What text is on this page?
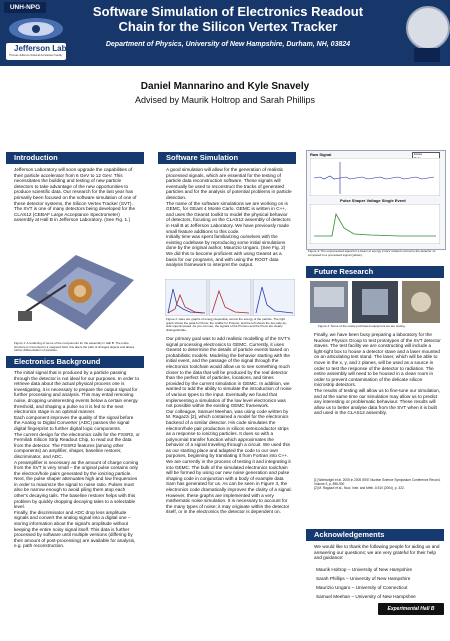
UNH-NPG
Jefferson Lab
Thomas Jefferson National Accelerator Facility
Software Simulation of Electronics Readout Chain for the Silicon Vertex Tracker
Department of Physics, University of New Hampshire, Durham, NH, 03824
Daniel Mannarino and Kyle Snavely
Advised by Maurik Holtrop and Sarah Phillips
Introduction
Jefferson Laboratory will soon upgrade the capabilities of their particle accelerator from 6 GeV to 12 GeV. This necessitates the building and testing of new particle detectors to take advantage of the new opportunities to produce scientific data. Our research for the last year has primarily been focused on the software simulation of one of these detector systems, the Silicon Vertex Tracker (SVT). The SVT is one of many detectors being developed for the CLAS12 (CEBAF Large Acceptance Spectrometer) assembly at Hall B in Jefferson Laboratory. (See Fig. 1.)
Figure 1: A rendering of some of the components for the assembly in Hall B. The entire structure is immersed in a magnetic field, this alters the path of charged objects and allows further differentiation of particles.
Electronics Background
The initial signal that is produced by a particle passing through the detector is not ideal for our purposes. In order to retrieve data about the actual physical process one is investigating, it is necessary to prepare the output signal for further processing and analysis. This may entail removing noise, dropping uninteresting events below a certain energy threshold, and shaping a pulse so it is fed to the next electronics stage in an optimal manner.
Each component improves the quality of the signal before the Analog to Digital Converter (ADC) passes the signal digital fingerprint to further digital logic components.
The current design for the electronics calls for the FSSR2, or Fermilab Silicon Strip Readout Chip, to read out the data from the detector. The FSSR2 features (among other components) an amplifier, shaper, baseline restorer, discriminator, and ADC.
A preamplifier is necessary as the amount of charge coming from the SVT is very small – the original pulse contains only the electron/hole pairs generated by the ionizing particle.
Next, the pulse shaper attenuates high and low frequencies in order to maximize the signal to noise ratio. Pulses must also be narrow enough to avoid piling them atop each other's decaying tails. The baseline restorer helps with this problem by quickly dropping decaying tales to a selectable level.
Finally, the discriminator and ADC drop less amplitude signals and convert the analog signal into a digital one – storing information about the signal's amplitude without keeping the entire noisy signal itself. This data is further processed by software until multiple versions (differing by their amount of post-processing) are available for analysis, e.g. path reconstruction.
Software Simulation
A good simulation will allow for the generation of realistic processed signals, which are essential for the testing of particle data reconstruction software. These signals will eventually be used to reconstruct the tracks of generated particles and for the analysis of potential problems in particle detection.
The name of the software simulations we are working on is GEMC, for GEant 4 Monte Carlo. GEMC is written in C++, and uses the Geant4 toolkit to model the physical behavior of detectors, focusing on the CLAS12 assembly of detectors in Hall B at Jefferson Laboratory. We have previously made small feature additions to this code.
Initially time was spent familiarizing ourselves with the existing codebase by reproducing some initial simulations done by the original author, Maurizio Ungaro. (See Fig. 2) We did this to become proficient with using Geant4 as a basis for our programs, and with using the ROOT data analysis framework to interpret the output.
Figure 2: Here are graphs of energy deposition versus the energy of the particle. The right graph shows the peak for Pions; the middle for Protons; and the left shows the two side-by-side superimposed. As you can see, the signals of the Protons and the Pions are clearly distinguishable.
Our primary goal was to add realistic modelling of the SVT's signal processing electronics to GEMC. Currently, it uses Geant4 to determine the details of particle events based on probabilistic models. Modeling the behavior starting with the initial event, and the passage of the signal through the electronics toolchain would allow us to see something much closer to the data that will be produced by the real detector than the perfect list of particles, locations, and times provided by the current simulation in GEMC. In addition, we wanted to add the ability to simulate the introduction of noise of various types to the input. Eventually we found that implementing a simulation of the low level electronics was not possible within the existing GEMC framework.
Our colleague, Samuel Meehan, was using code written by M. Ragazzi [2], which contained a model for the electronics backend of a similar detector. His code simulates the electron/hole pair production in silicon semiconductor strips as a response to ionizing particles. It does so with a polynomial transfer function which approximates the behavior of a signal traveling through a circuit. We used this as our starting place and adapted the code to our own purposes, beginning by translating it from Fortran into C++. We are currently in the process of testing it and integrating it into GEMC. The bulk of the simulated electronics toolchain will be formed by using our new noise generation and pulse shaping code in conjunction with a body of example data Sam has generated for us. As can be seen in Figure 3, the electronics code dramatically improves the clarity of a signal. However, these graphs are implemented with a very mathematic noise simulation. It is necessary to account for the many types of noise; it may originate within the detector itself, or in the electronics the detector is dependent on.
Raw Signal	Entries
Pulse Shaper Voltage Single Event
Figure 3: The unprocessed signal for a beam of energy 2 GeV incident normal to the detector vs. compared to a processed signal (yellow).
Future Research
Figure 4: Some of the newly-purchased equipment we are testing.
Finally, we have been busy preparing a laboratory for the Nuclear Physics Group to test prototypes of the SVT detector staves. The test facility we are constructing will include a light-tight box to house a detector stave and a laser mounted on an articulating test stand. The laser, which will be able to move in the x, y, and z planes, will be used as a source in order to test the response of the detector to radiation. The entire assembly will need to be housed in a clean room in order to prevent contamination of the delicate silicon microstrip detectors.
The results of testing will allow us to fine-tune our simulation, and at the same time our simulation may allow us to predict any interesting or problematic behaviour. These results will allow us to better analyse data from the SVT when it is built and used in the CLAS12 assembly.
[1] Wainwright et al. 2005 in 2005 IEEE Nuclear Science Symposium Conference Record, Volume 2, p. 896-900
[2] M. Ragazzi et al., Nucl. Instr. and Meth. A 510 (2004), p. 322.
Acknowledgements
We would like to thank the following people for aiding us and answering our questions; we are very grateful for their help and guidance:
Maurik Holtrop – University of New Hampshire
Sarah Phillips – University of New Hampshire
Maurizio Ungaro – University of Connecticut
Samuel Meehan – University of New Hampshire
Experimental Hall B
